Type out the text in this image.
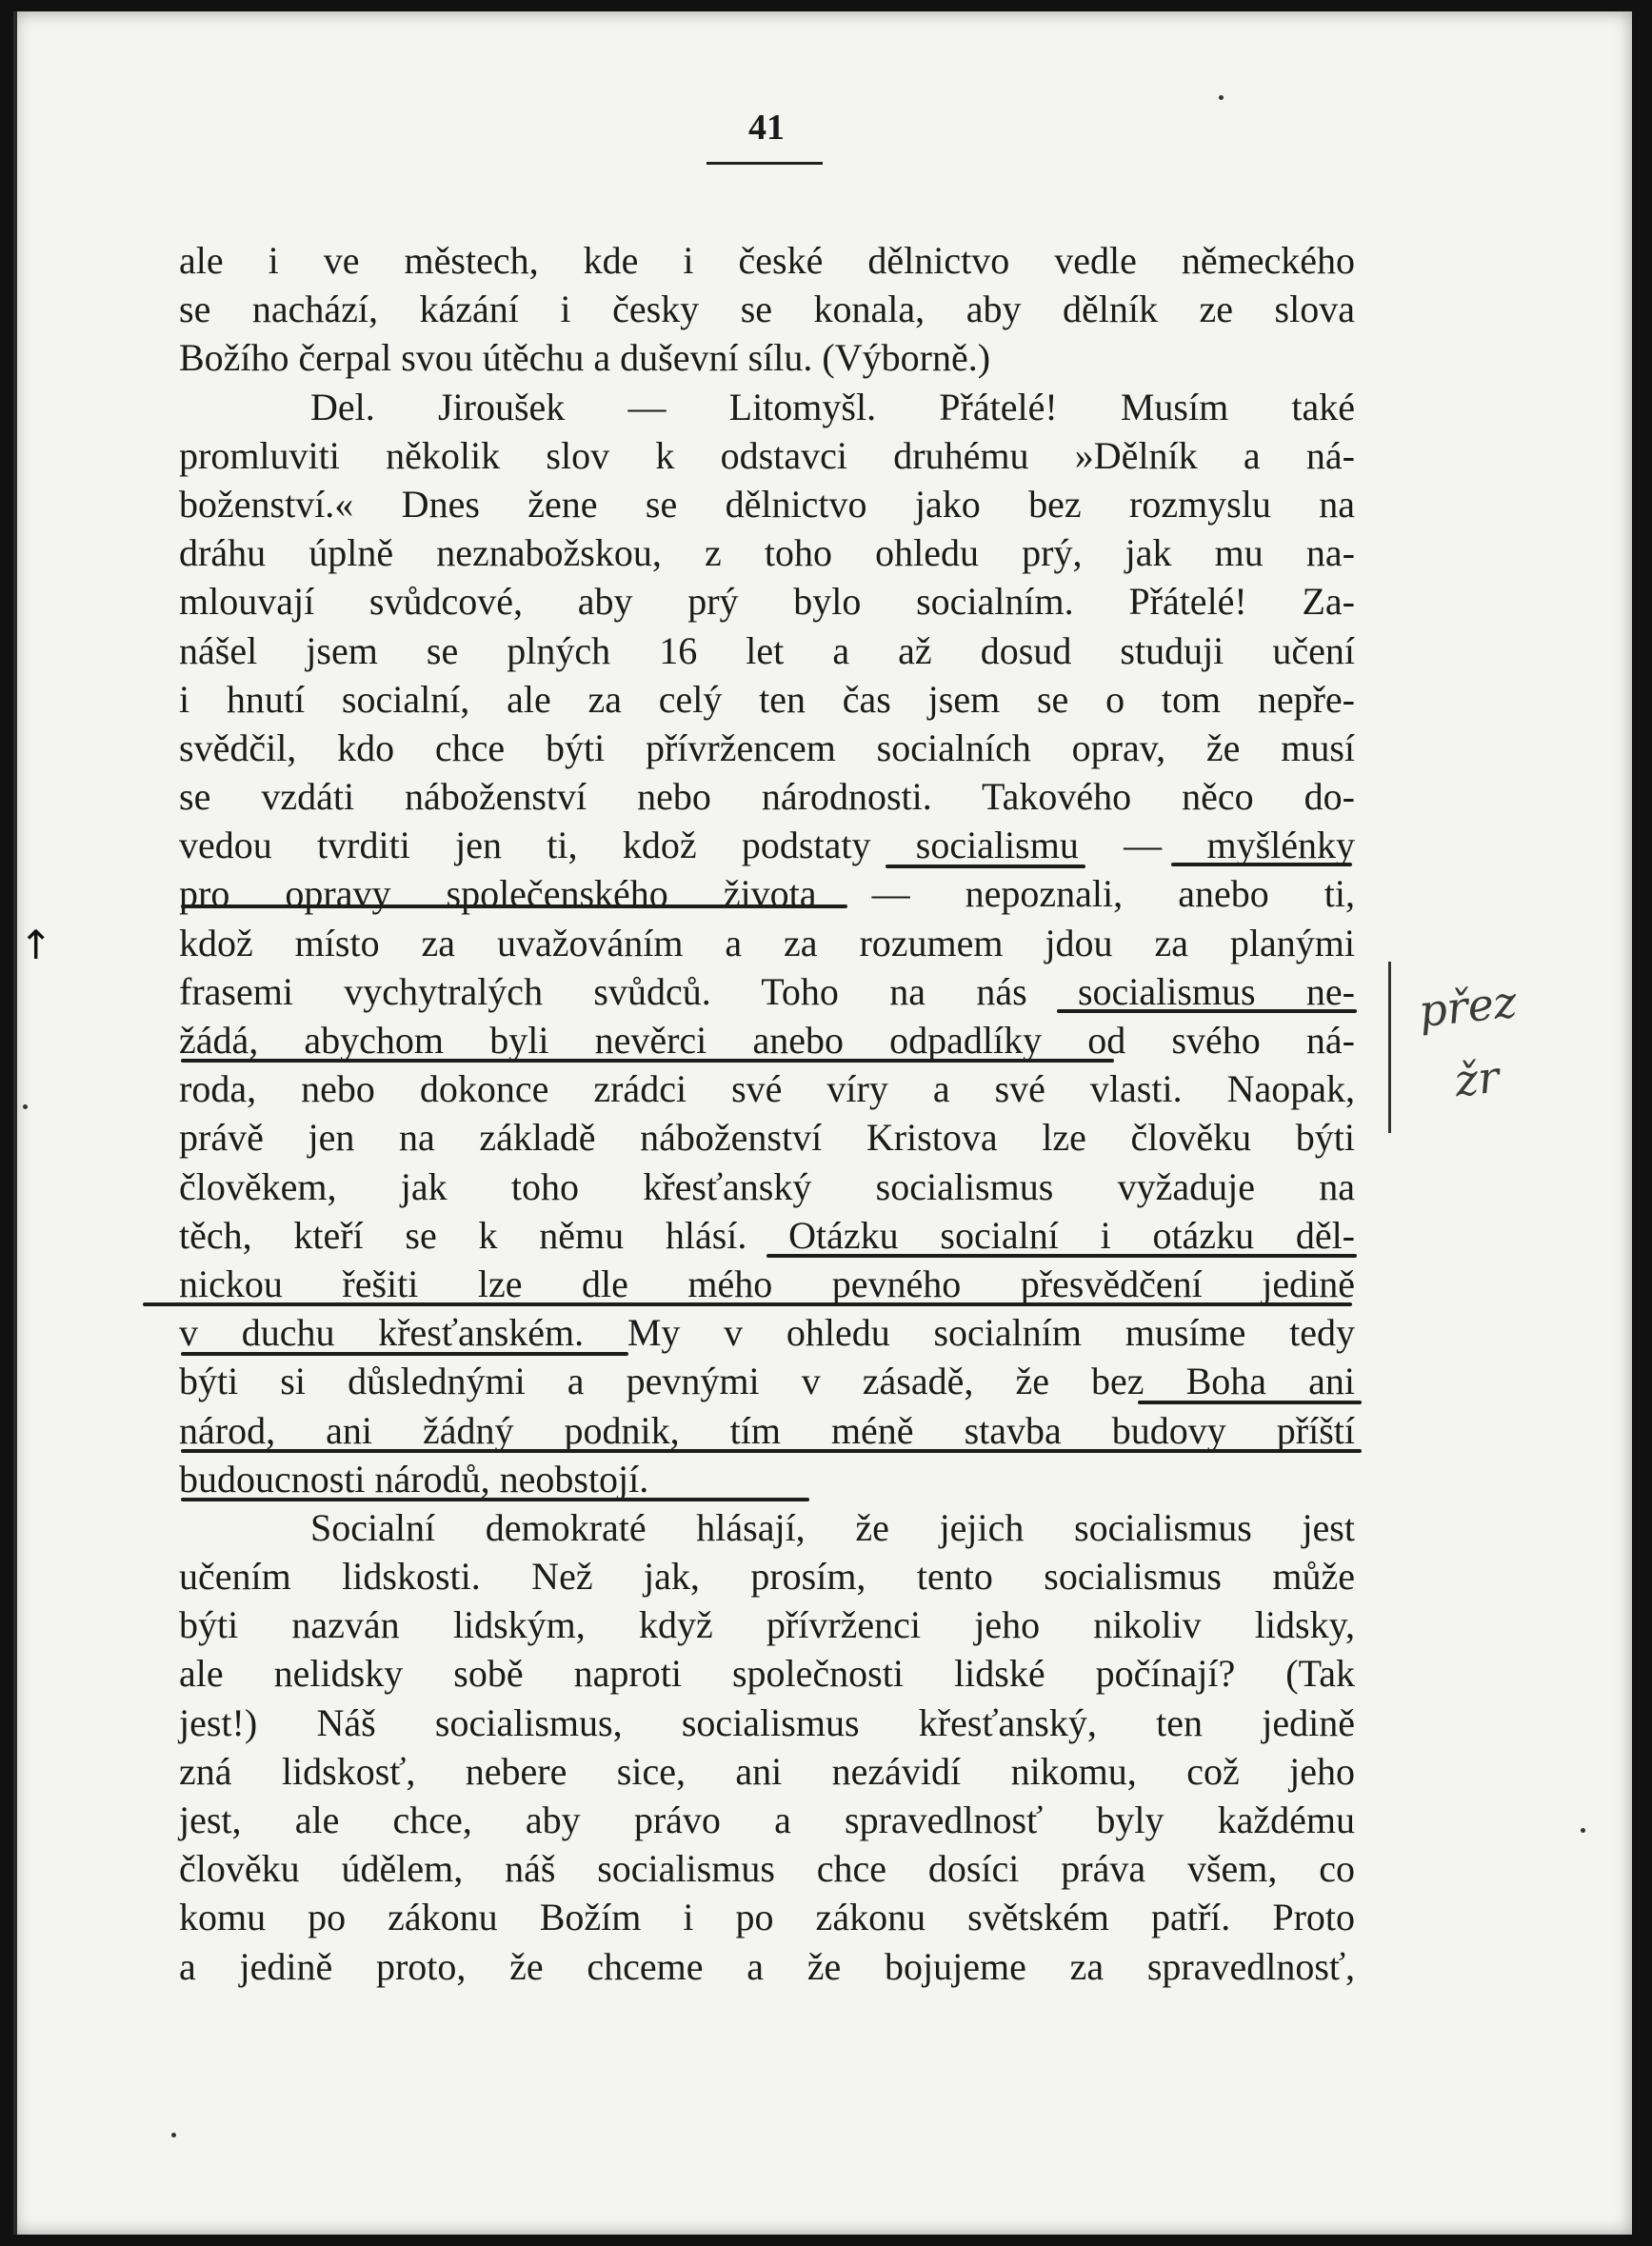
41
ale i ve městech, kde i české dělnictvo vedle německého
se nachází, kázání i česky se konala, aby dělník ze slova
Božího čerpal svou útěchu a duševní sílu. (Výborně.)
Del. Jiroušek — Litomyšl. Přátelé! Musím také
promluviti několik slov k odstavci druhému »Dělník a ná-
boženství.« Dnes žene se dělnictvo jako bez rozmyslu na
dráhu úplně neznabožskou, z toho ohledu prý, jak mu na-
mlouvají svůdcové, aby prý bylo socialním. Přátelé! Za-
nášel jsem se plných 16 let a až dosud studuji učení
i hnutí socialní, ale za celý ten čas jsem se o tom nepře-
svědčil, kdo chce býti přívržencem socialních oprav, že musí
se vzdáti náboženství nebo národnosti. Takového něco do-
vedou tvrditi jen ti, kdož podstaty socialismu — myšlénky
pro opravy společenského života — nepoznali, anebo ti,
kdož místo za uvažováním a za rozumem jdou za planými
frasemi vychytralých svůdců. Toho na nás socialismus ne-
žádá, abychom byli nevěrci anebo odpadlíky od svého ná-
roda, nebo dokonce zrádci své víry a své vlasti. Naopak,
právě jen na základě náboženství Kristova lze člověku býti
člověkem, jak toho křesťanský socialismus vyžaduje na
těch, kteří se k němu hlásí. Otázku socialní i otázku děl-
nickou řešiti lze dle mého pevného přesvědčení jedině
v duchu křesťanském. My v ohledu socialním musíme tedy
býti si důslednými a pevnými v zásadě, že bez Boha ani
národ, ani žádný podnik, tím méně stavba budovy příští
budoucnosti národů, neobstojí.
Socialní demokraté hlásají, že jejich socialismus jest
učením lidskosti. Než jak, prosím, tento socialismus může
býti nazván lidským, když přívrženci jeho nikoliv lidsky,
ale nelidsky sobě naproti společnosti lidské počínají? (Tak
jest!) Náš socialismus, socialismus křesťanský, ten jedině
zná lidskosť, nebere sice, ani nezávidí nikomu, což jeho
jest, ale chce, aby právo a spravedlnosť byly každému
člověku údělem, náš socialismus chce dosíci práva všem, co
komu po zákonu Božím i po zákonu světském patří. Proto
a jedině proto, že chceme a že bojujeme za spravedlnosť,
přez
žr
↑
